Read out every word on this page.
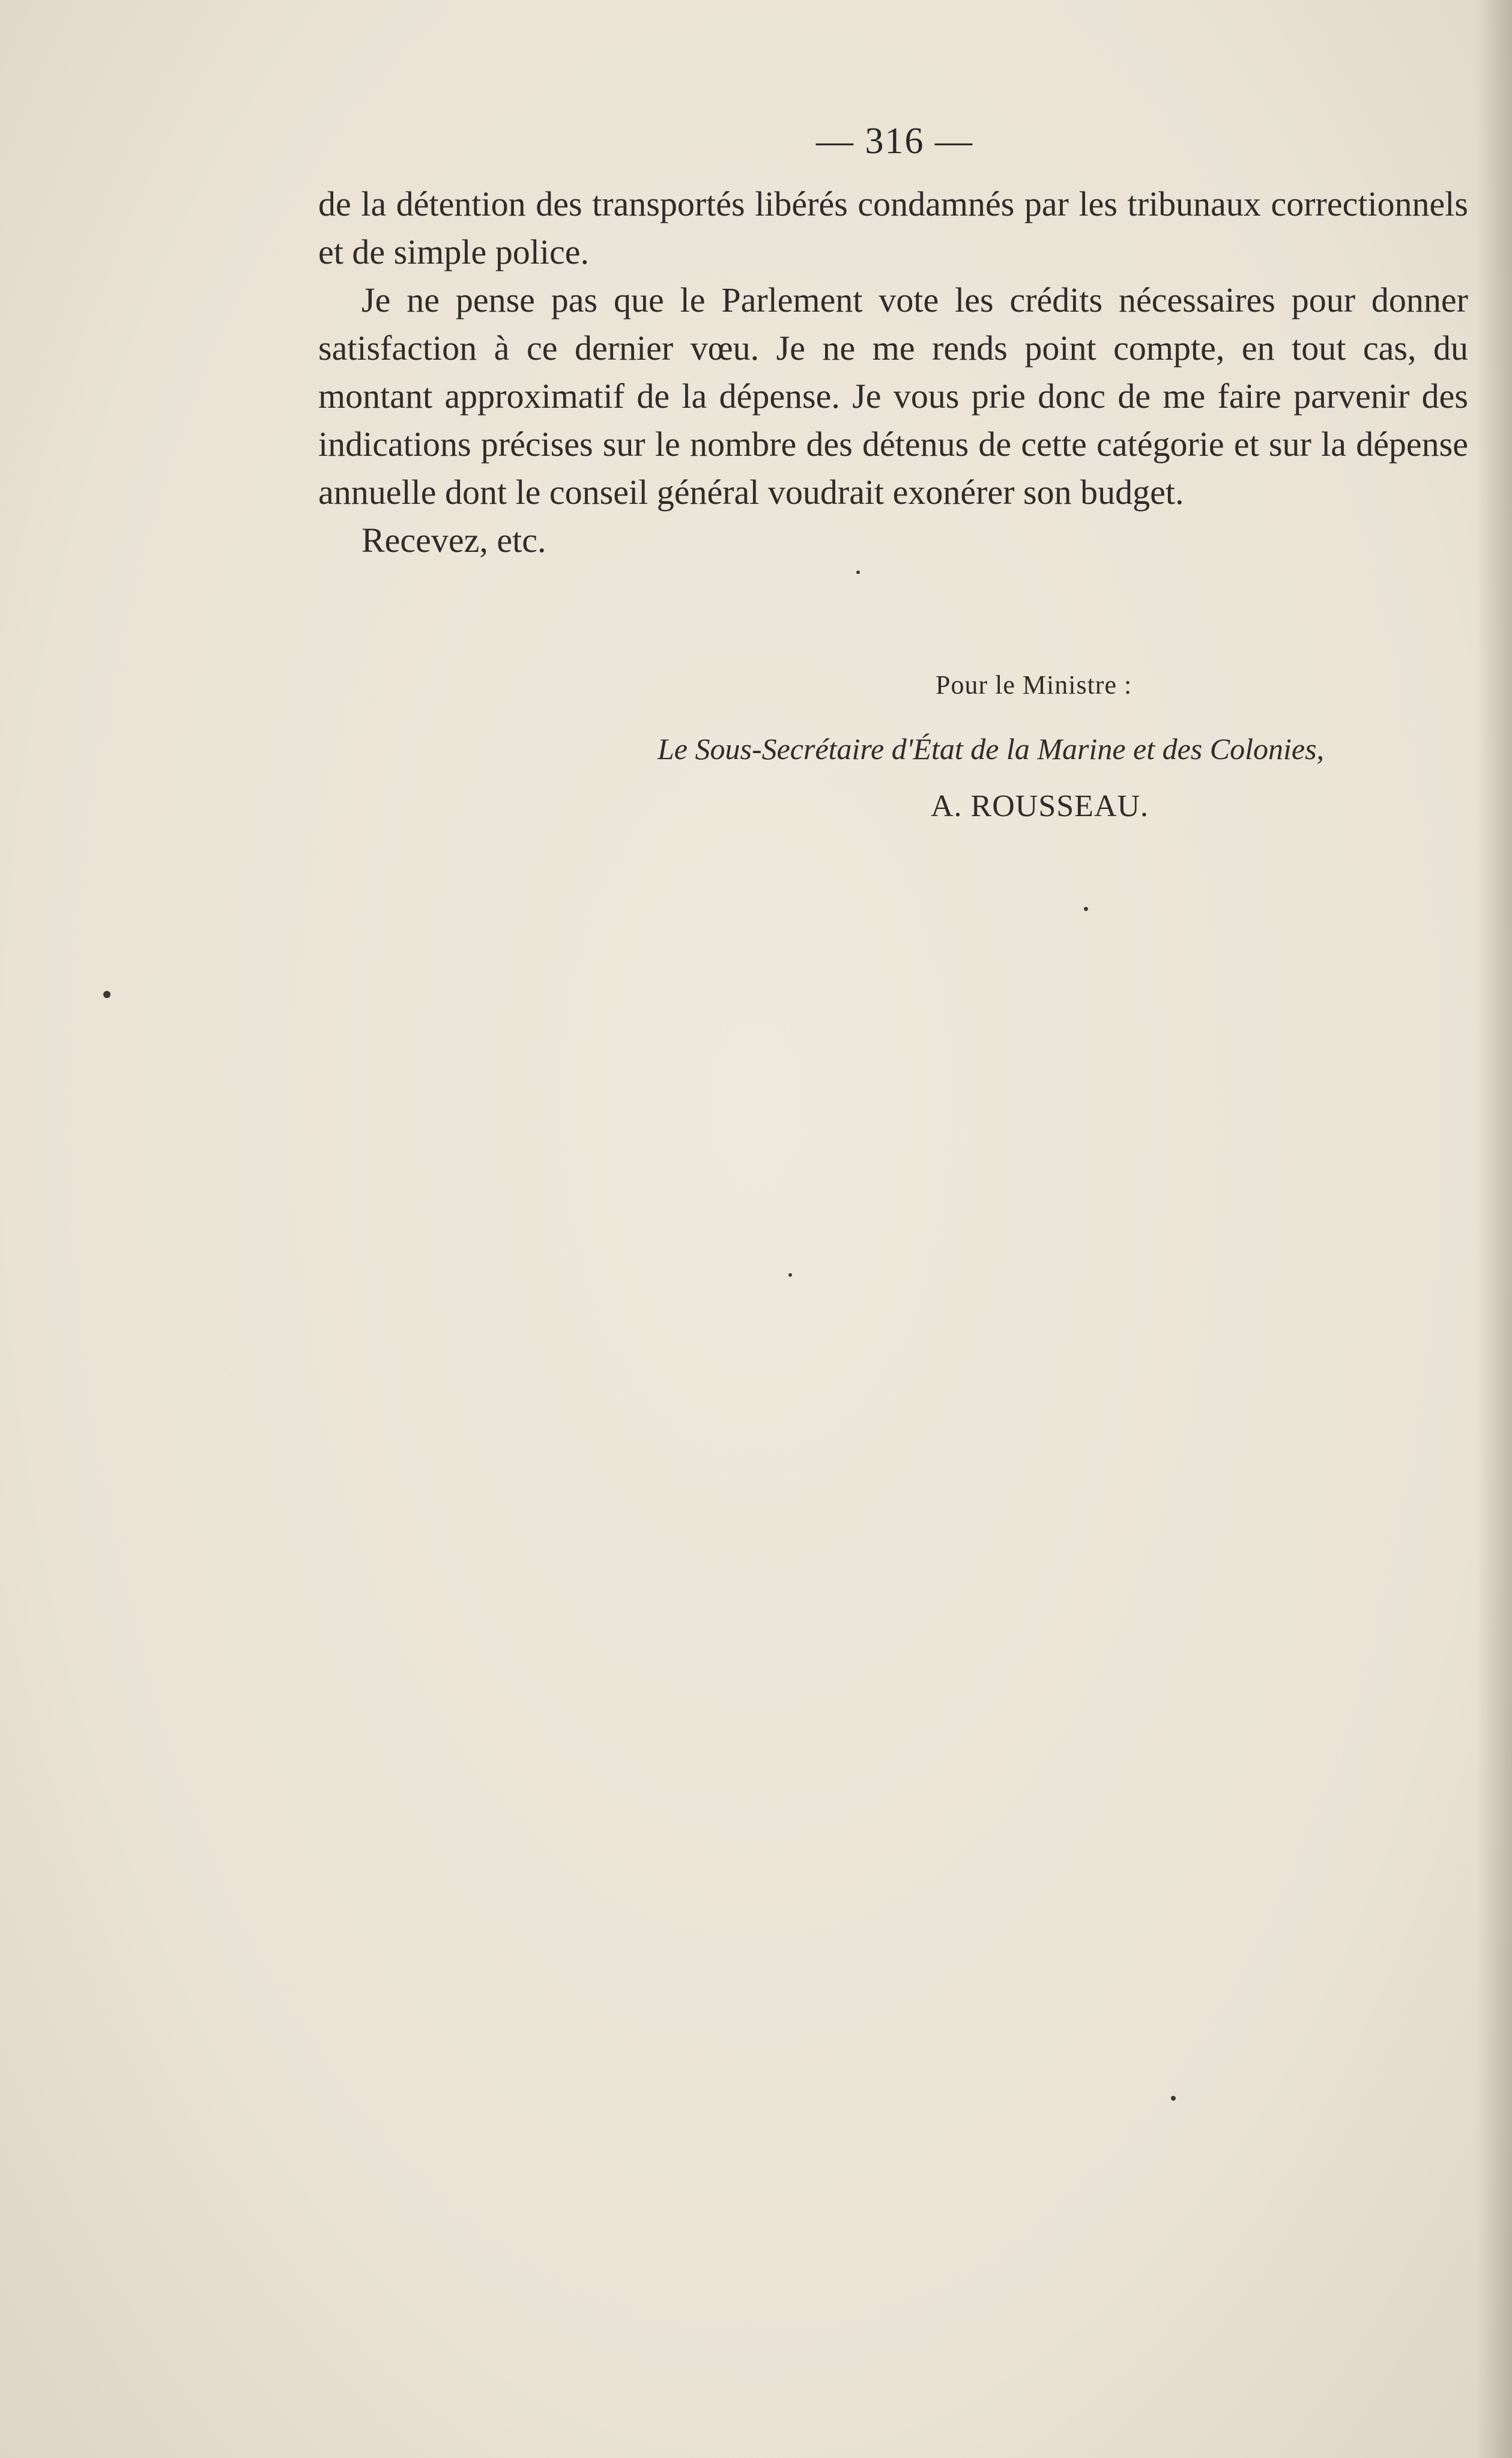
— 316 —

de la détention des transportés libérés condamnés par les tribunaux correctionnels et de simple police.

Je ne pense pas que le Parlement vote les crédits nécessaires pour donner satisfaction à ce dernier vœu. Je ne me rends point compte, en tout cas, du montant approximatif de la dépense. Je vous prie donc de me faire parvenir des indications précises sur le nombre des détenus de cette catégorie et sur la dépense annuelle dont le conseil général voudrait exonérer son budget.

Recevez, etc.

Pour le Ministre :
Le Sous-Secrétaire d'État de la Marine et des Colonies,
A. ROUSSEAU.
